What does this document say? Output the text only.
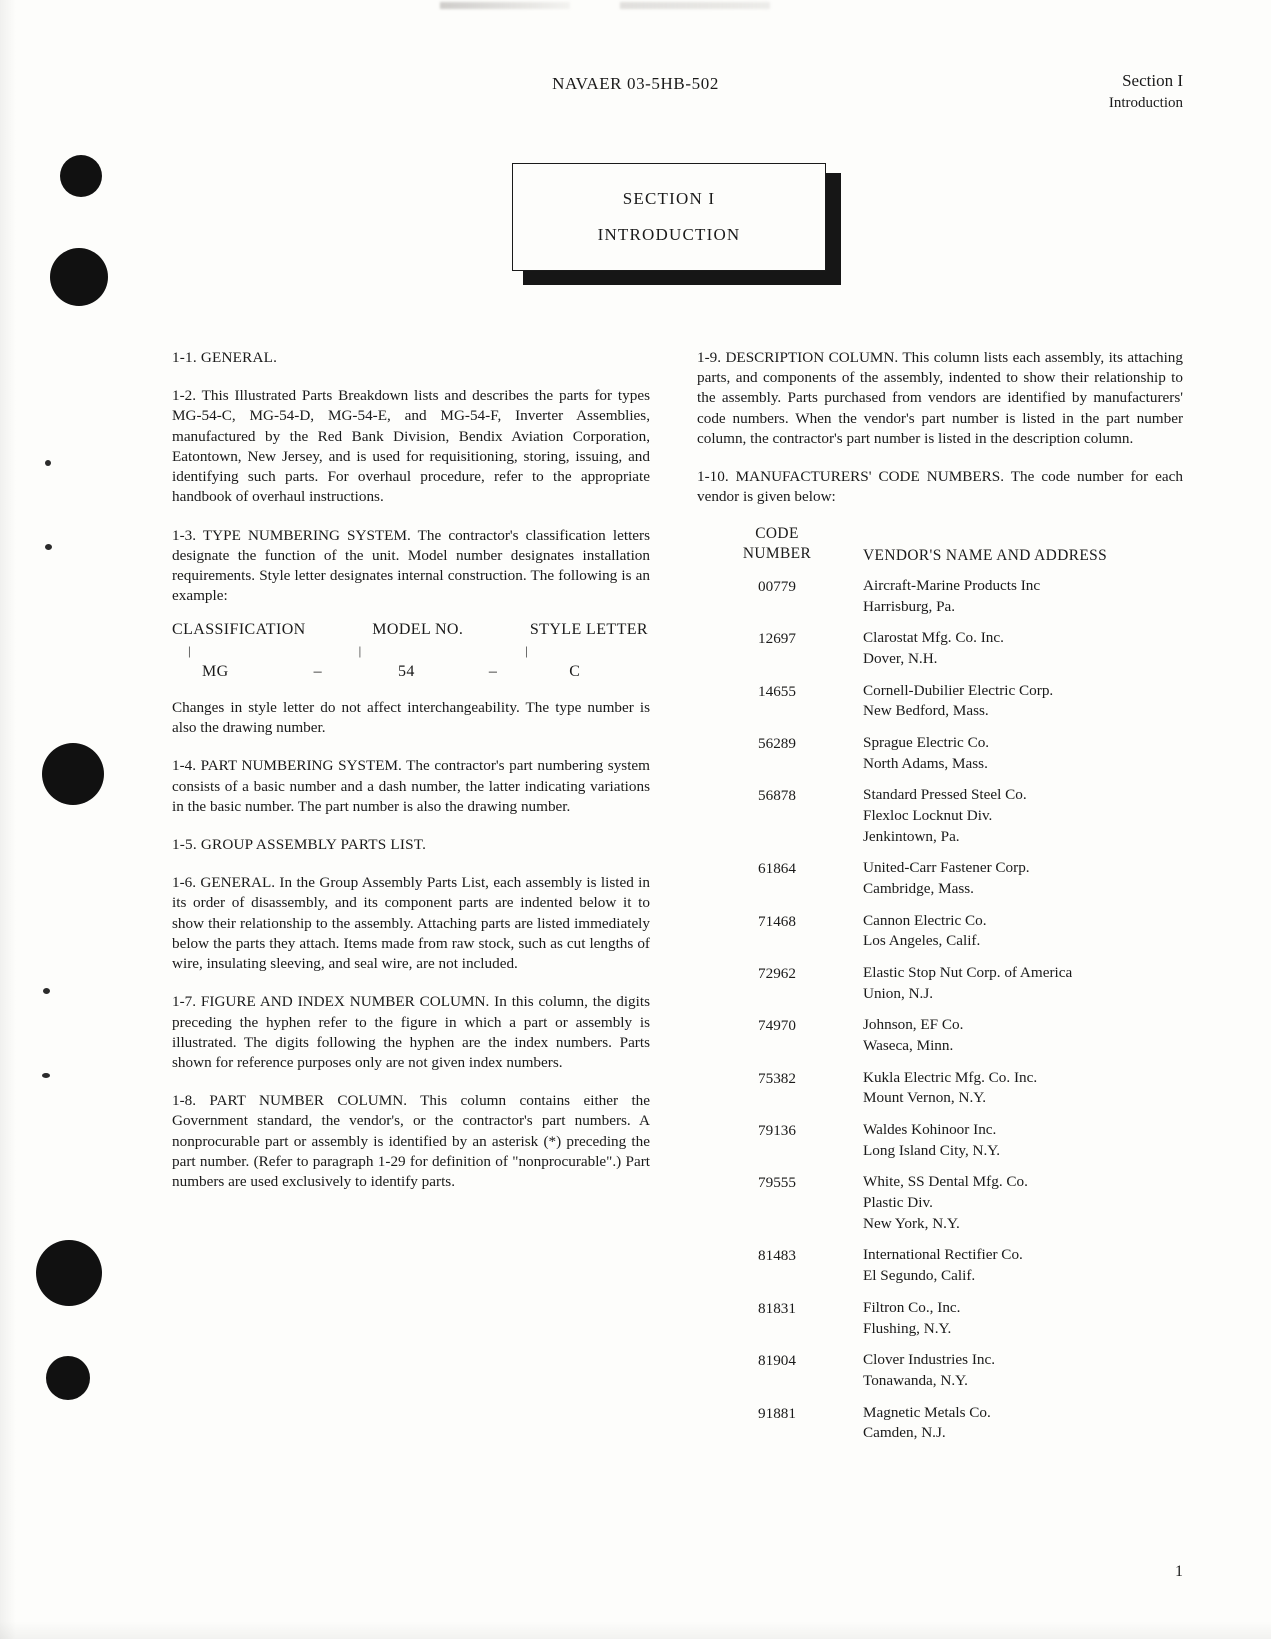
NAVAER 03-5HB-502	Section I
Introduction
SECTION I
INTRODUCTION

1-1. GENERAL.

1-2. This Illustrated Parts Breakdown lists and describes the parts for types MG-54-C, MG-54-D, MG-54-E, and MG-54-F, Inverter Assemblies, manufactured by the Red Bank Division, Bendix Aviation Corporation, Eatontown, New Jersey, and is used for requisitioning, storing, issuing, and identifying such parts. For overhaul procedure, refer to the appropriate handbook of overhaul instructions.

1-3. TYPE NUMBERING SYSTEM. The contractor's classification letters designate the function of the unit. Model number designates installation requirements. Style letter designates internal construction. The following is an example:

CLASSIFICATION	MODEL NO.	STYLE LETTER
|	|	|
MG	–	54	–	C

Changes in style letter do not affect interchangeability. The type number is also the drawing number.

1-4. PART NUMBERING SYSTEM. The contractor's part numbering system consists of a basic number and a dash number, the latter indicating variations in the basic number. The part number is also the drawing number.

1-5. GROUP ASSEMBLY PARTS LIST.

1-6. GENERAL. In the Group Assembly Parts List, each assembly is listed in its order of disassembly, and its component parts are indented below it to show their relationship to the assembly. Attaching parts are listed immediately below the parts they attach. Items made from raw stock, such as cut lengths of wire, insulating sleeving, and seal wire, are not included.

1-7. FIGURE AND INDEX NUMBER COLUMN. In this column, the digits preceding the hyphen refer to the figure in which a part or assembly is illustrated. The digits following the hyphen are the index numbers. Parts shown for reference purposes only are not given index numbers.

1-8. PART NUMBER COLUMN. This column contains either the Government standard, the vendor's, or the contractor's part numbers. A nonprocurable part or assembly is identified by an asterisk (*) preceding the part number. (Refer to paragraph 1-29 for definition of "nonprocurable".) Part numbers are used exclusively to identify parts.

1-9. DESCRIPTION COLUMN. This column lists each assembly, its attaching parts, and components of the assembly, indented to show their relationship to the assembly. Parts purchased from vendors are identified by manufacturers' code numbers. When the vendor's part number is listed in the part number column, the contractor's part number is listed in the description column.

1-10. MANUFACTURERS' CODE NUMBERS. The code number for each vendor is given below:

CODE
NUMBER	VENDOR'S NAME AND ADDRESS
00779	Aircraft-Marine Products Inc
Harrisburg, Pa.
12697	Clarostat Mfg. Co. Inc.
Dover, N.H.
14655	Cornell-Dubilier Electric Corp.
New Bedford, Mass.
56289	Sprague Electric Co.
North Adams, Mass.
56878	Standard Pressed Steel Co.
Flexloc Locknut Div.
Jenkintown, Pa.
61864	United-Carr Fastener Corp.
Cambridge, Mass.
71468	Cannon Electric Co.
Los Angeles, Calif.
72962	Elastic Stop Nut Corp. of America
Union, N.J.
74970	Johnson, EF Co.
Waseca, Minn.
75382	Kukla Electric Mfg. Co. Inc.
Mount Vernon, N.Y.
79136	Waldes Kohinoor Inc.
Long Island City, N.Y.
79555	White, SS Dental Mfg. Co.
Plastic Div.
New York, N.Y.
81483	International Rectifier Co.
El Segundo, Calif.
81831	Filtron Co., Inc.
Flushing, N.Y.
81904	Clover Industries Inc.
Tonawanda, N.Y.
91881	Magnetic Metals Co.
Camden, N.J.
1
